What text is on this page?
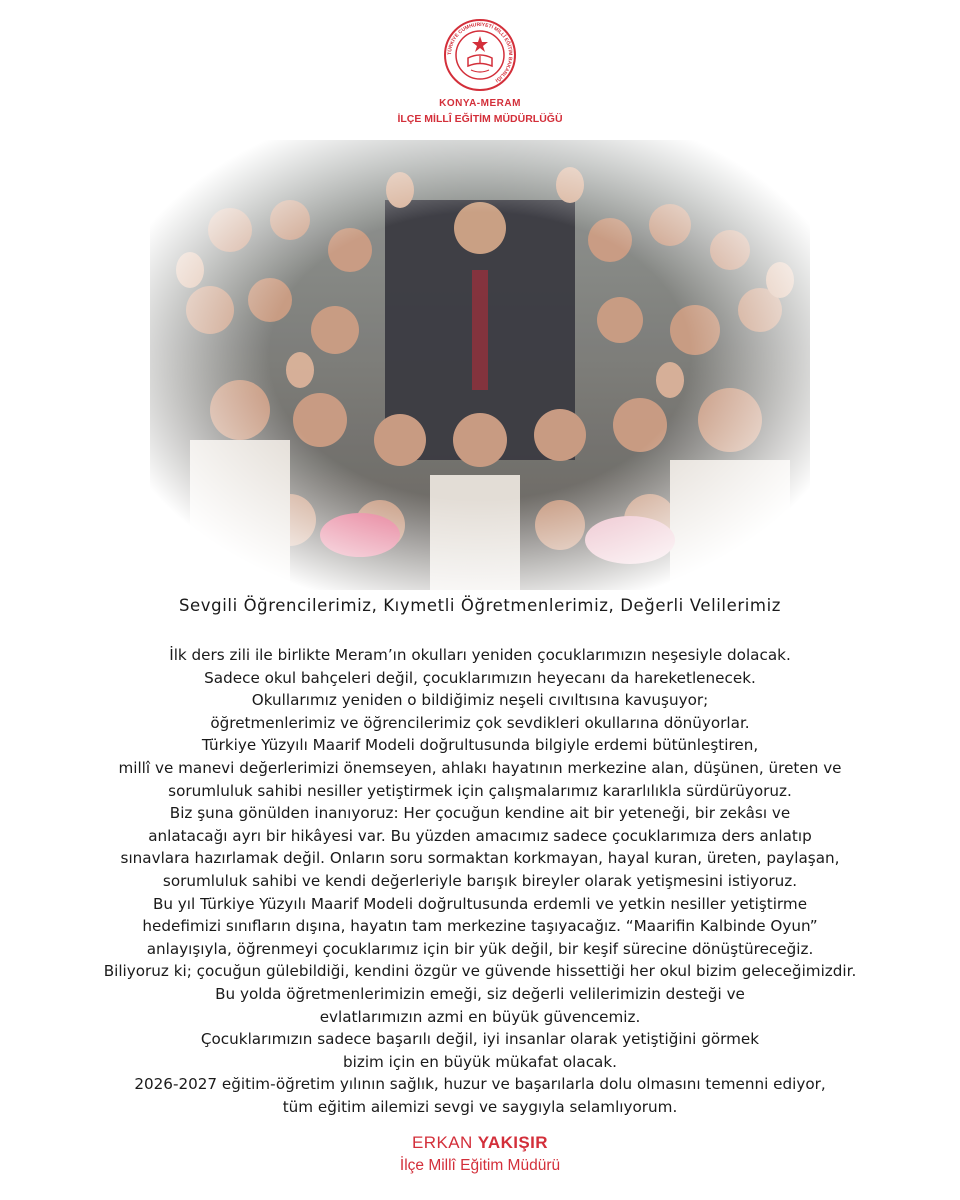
TÜRKİYE CUMHURİYETİ MİLLÎ EĞİTİM BAKANLIĞI
KONYA-MERAM
İLÇE MİLLÎ EĞİTİM MÜDÜRLÜĞÜ
Sevgili Öğrencilerimiz, Kıymetli Öğretmenlerimiz, Değerli Velilerimiz
İlk ders zili ile birlikte Meram’ın okulları yeniden çocuklarımızın neşesiyle dolacak.
Sadece okul bahçeleri değil, çocuklarımızın heyecanı da hareketlenecek.
Okullarımız yeniden o bildiğimiz neşeli cıvıltısına kavuşuyor;
öğretmenlerimiz ve öğrencilerimiz çok sevdikleri okullarına dönüyorlar.
Türkiye Yüzyılı Maarif Modeli doğrultusunda bilgiyle erdemi bütünleştiren,
millî ve manevi değerlerimizi önemseyen, ahlakı hayatının merkezine alan, düşünen, üreten ve
sorumluluk sahibi nesiller yetiştirmek için çalışmalarımız kararlılıkla sürdürüyoruz.
Biz şuna gönülden inanıyoruz: Her çocuğun kendine ait bir yeteneği, bir zekâsı ve
anlatacağı ayrı bir hikâyesi var. Bu yüzden amacımız sadece çocuklarımıza ders anlatıp
sınavlara hazırlamak değil. Onların soru sormaktan korkmayan, hayal kuran, üreten, paylaşan,
sorumluluk sahibi ve kendi değerleriyle barışık bireyler olarak yetişmesini istiyoruz.
Bu yıl Türkiye Yüzyılı Maarif Modeli doğrultusunda erdemli ve yetkin nesiller yetiştirme
hedefimizi sınıfların dışına, hayatın tam merkezine taşıyacağız. “Maarifin Kalbinde Oyun”
anlayışıyla, öğrenmeyi çocuklarımız için bir yük değil, bir keşif sürecine dönüştüreceğiz.
Biliyoruz ki; çocuğun gülebildiği, kendini özgür ve güvende hissettiği her okul bizim geleceğimizdir.
Bu yolda öğretmenlerimizin emeği, siz değerli velilerimizin desteği ve
evlatlarımızın azmi en büyük güvencemiz.
Çocuklarımızın sadece başarılı değil, iyi insanlar olarak yetiştiğini görmek
bizim için en büyük mükafat olacak.
2026-2027 eğitim-öğretim yılının sağlık, huzur ve başarılarla dolu olmasını temenni ediyor,
tüm eğitim ailemizi sevgi ve saygıyla selamlıyorum.
ERKAN YAKIŞIR
İlçe Millî Eğitim Müdürü
